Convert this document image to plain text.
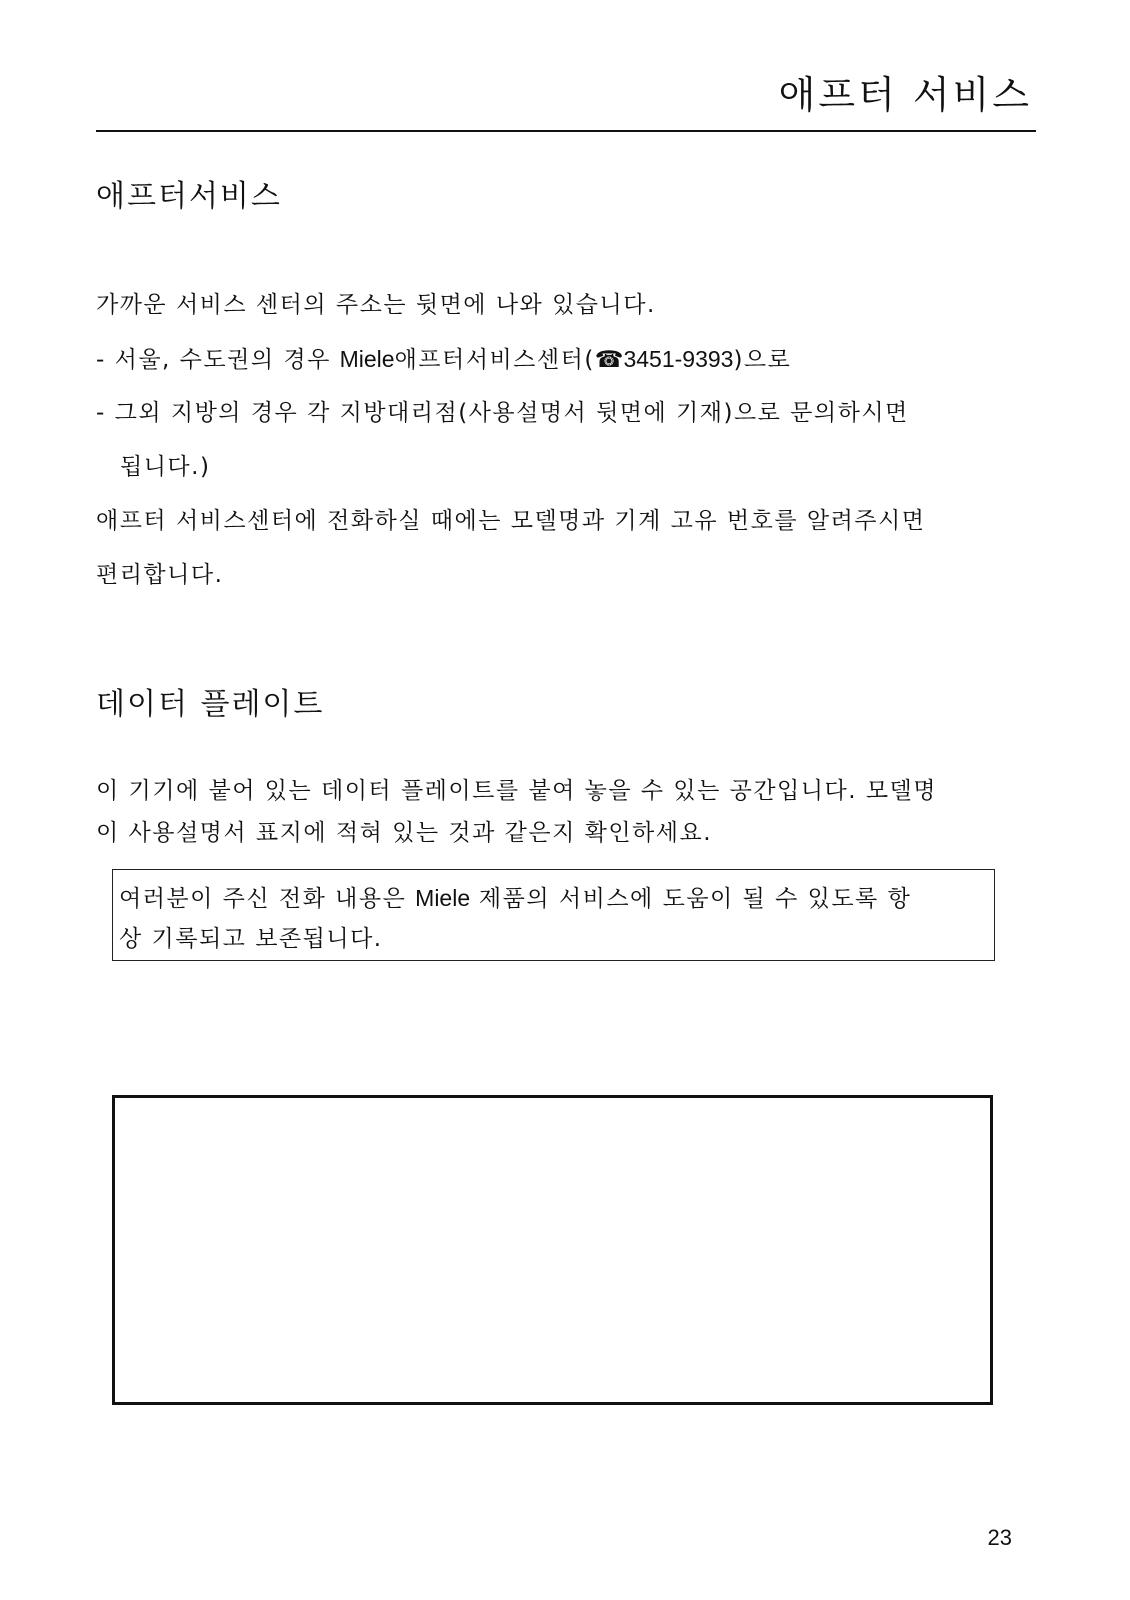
애프터 서비스
애프터서비스
가까운 서비스 센터의 주소는 뒷면에 나와 있습니다.
- 서울, 수도권의 경우 Miele애프터서비스센터(☎3451-9393)으로
- 그외 지방의 경우 각 지방대리점(사용설명서 뒷면에 기재)으로 문의하시면
됩니다.)
애프터 서비스센터에 전화하실 때에는 모델명과 기계 고유 번호를 알려주시면
편리합니다.
데이터 플레이트
이 기기에 붙어 있는 데이터 플레이트를 붙여 놓을 수 있는 공간입니다. 모델명
이 사용설명서 표지에 적혀 있는 것과 같은지 확인하세요.
여러분이 주신 전화 내용은 Miele 제품의 서비스에 도움이 될 수 있도록 항
상 기록되고 보존됩니다.
23
